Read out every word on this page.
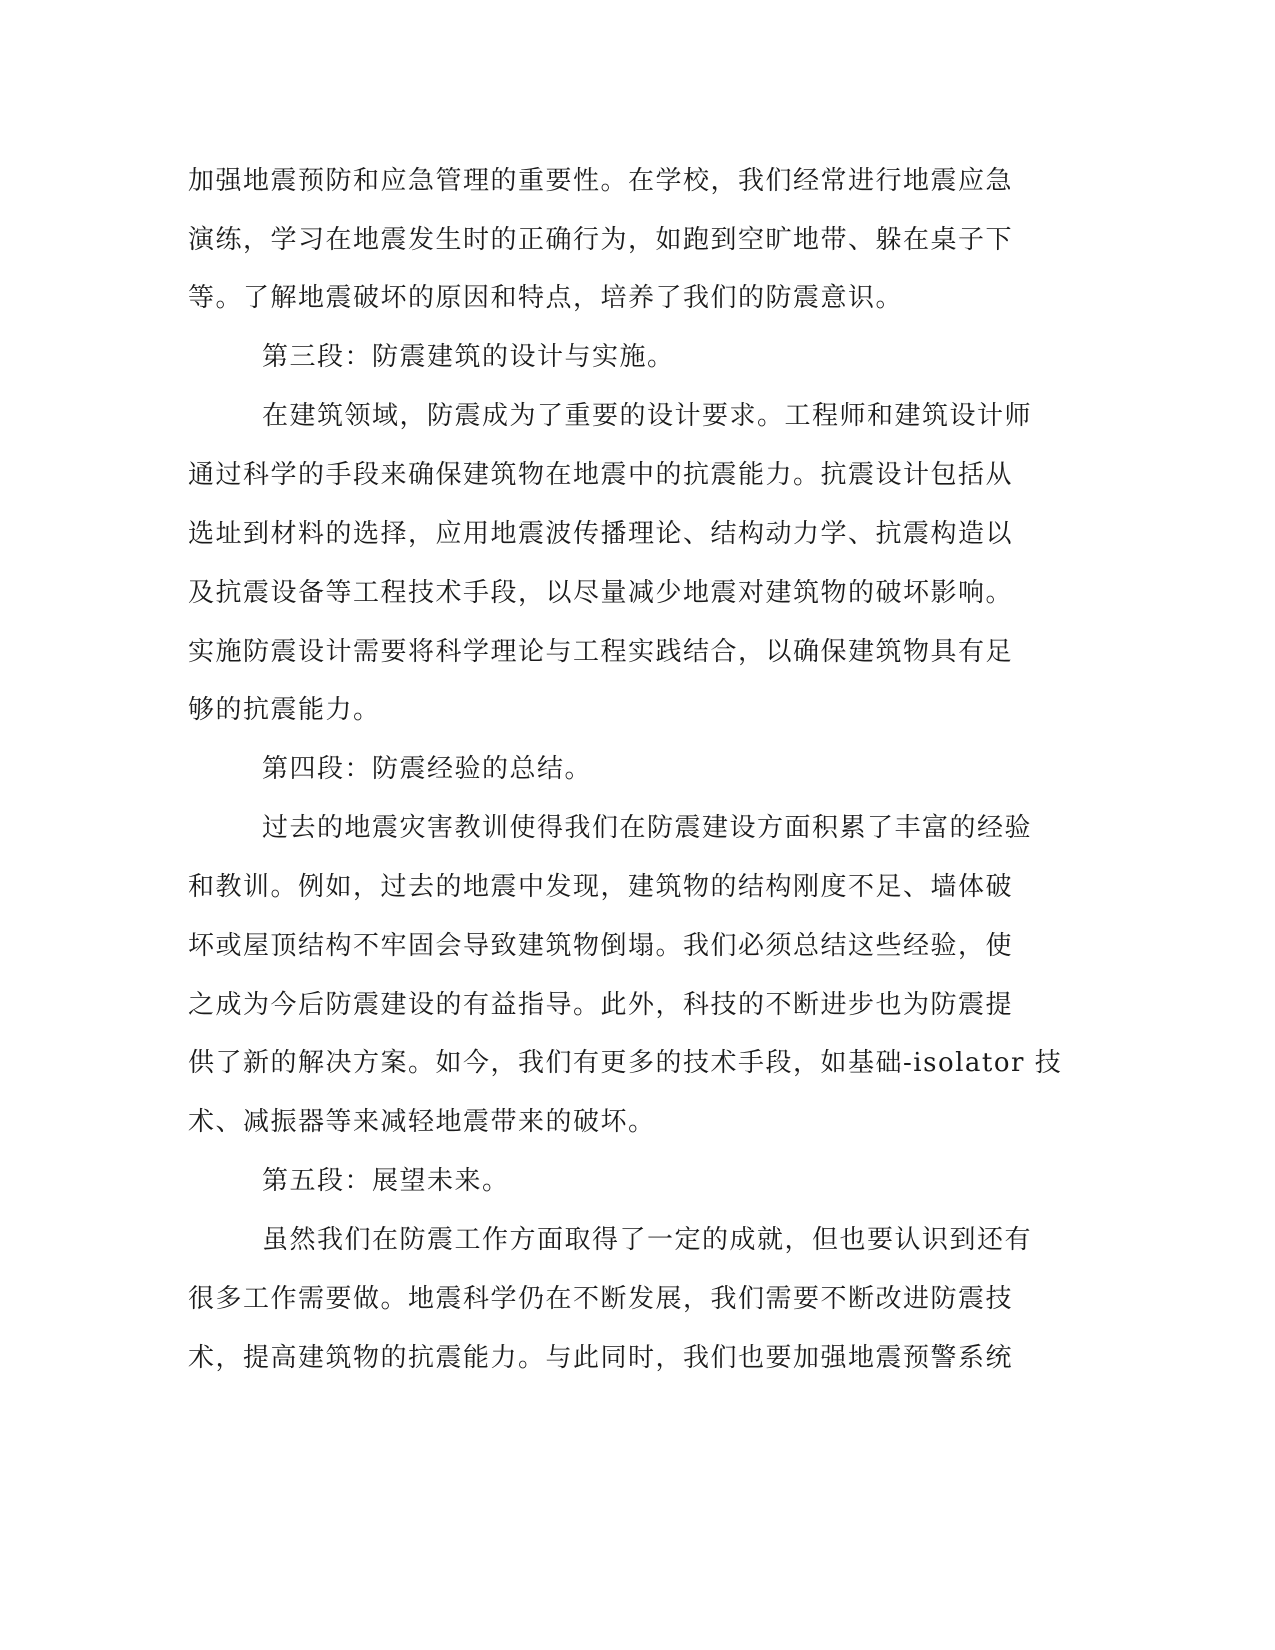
加强地震预防和应急管理的重要性。在学校，我们经常进行地震应急
演练，学习在地震发生时的正确行为，如跑到空旷地带、躲在桌子下
等。了解地震破坏的原因和特点，培养了我们的防震意识。
第三段：防震建筑的设计与实施。
在建筑领域，防震成为了重要的设计要求。工程师和建筑设计师
通过科学的手段来确保建筑物在地震中的抗震能力。抗震设计包括从
选址到材料的选择，应用地震波传播理论、结构动力学、抗震构造以
及抗震设备等工程技术手段，以尽量减少地震对建筑物的破坏影响。
实施防震设计需要将科学理论与工程实践结合，以确保建筑物具有足
够的抗震能力。
第四段：防震经验的总结。
过去的地震灾害教训使得我们在防震建设方面积累了丰富的经验
和教训。例如，过去的地震中发现，建筑物的结构刚度不足、墙体破
坏或屋顶结构不牢固会导致建筑物倒塌。我们必须总结这些经验，使
之成为今后防震建设的有益指导。此外，科技的不断进步也为防震提
供了新的解决方案。如今，我们有更多的技术手段，如基础-isolator 技
术、减振器等来减轻地震带来的破坏。
第五段：展望未来。
虽然我们在防震工作方面取得了一定的成就，但也要认识到还有
很多工作需要做。地震科学仍在不断发展，我们需要不断改进防震技
术，提高建筑物的抗震能力。与此同时，我们也要加强地震预警系统
